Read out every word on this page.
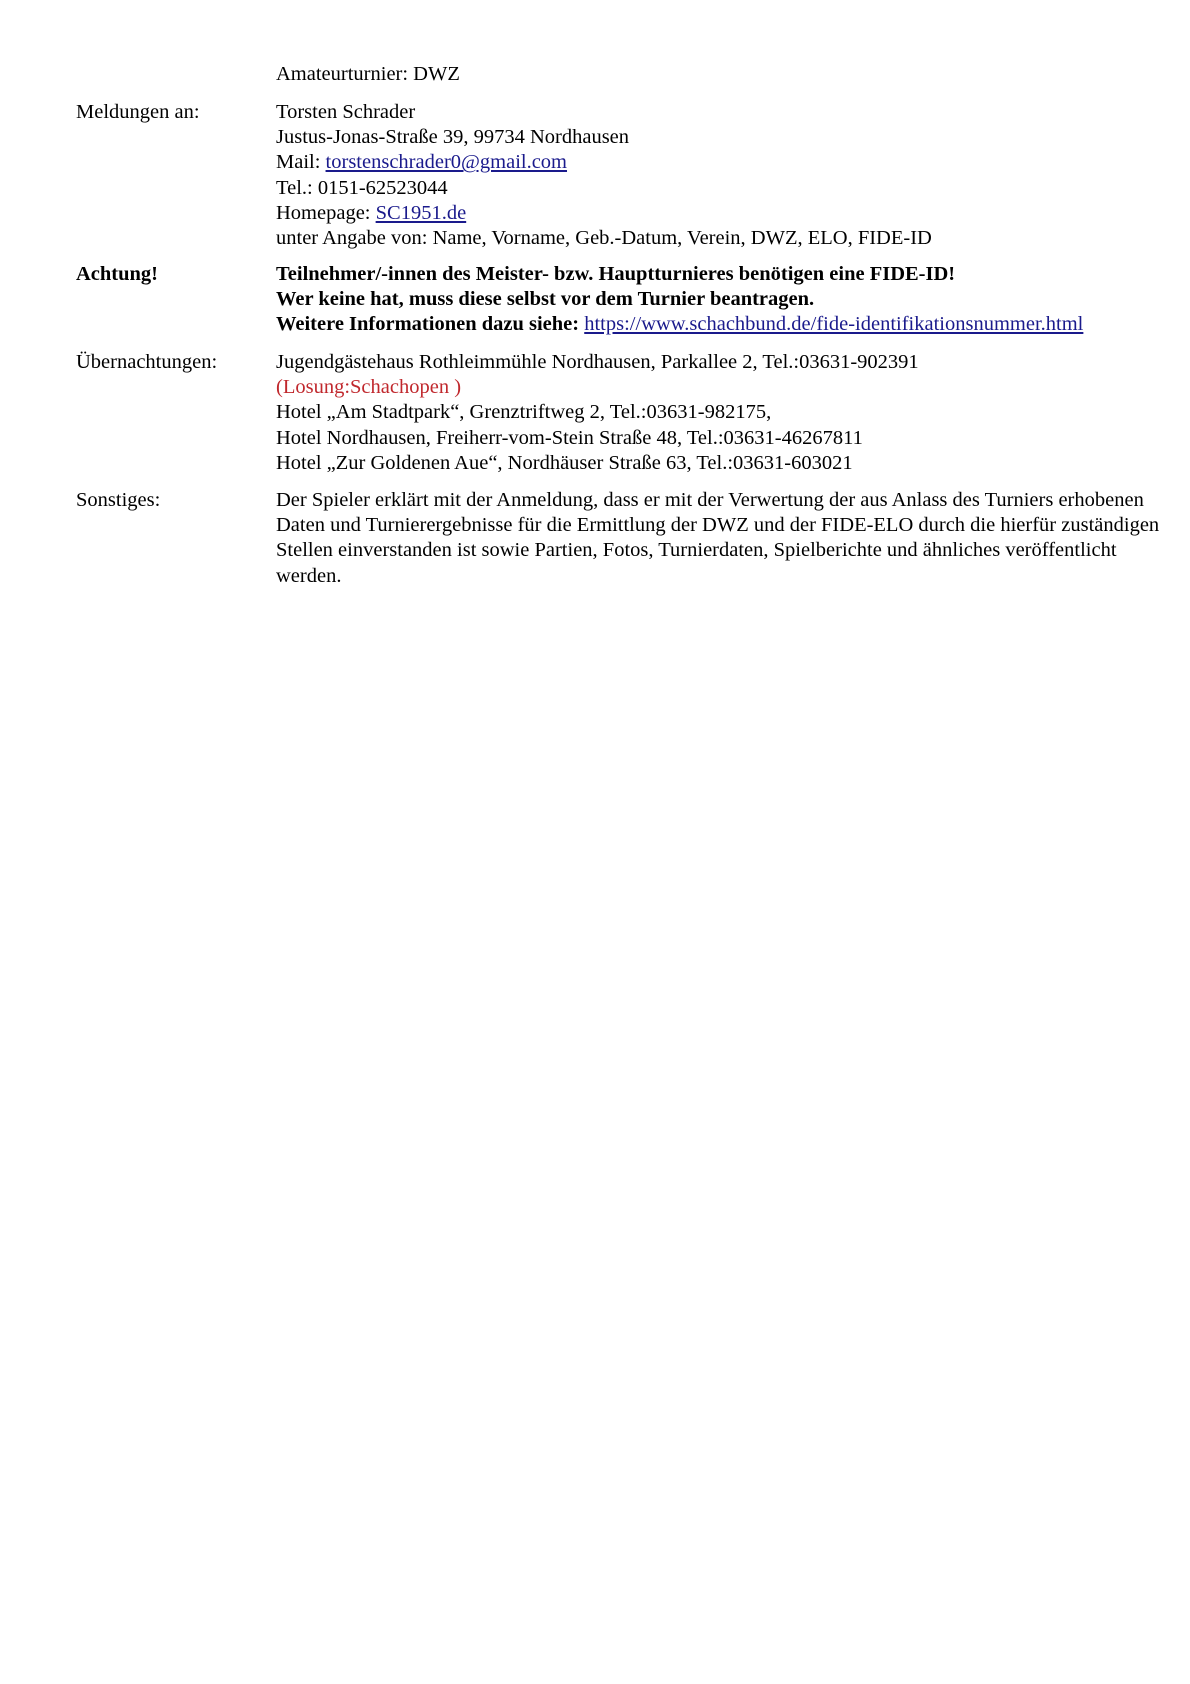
Amateurturnier: DWZ
Meldungen an:	Torsten Schrader
Justus-Jonas-Straße 39, 99734 Nordhausen
Mail: torstenschrader0@gmail.com
Tel.: 0151-62523044
Homepage: SC1951.de
unter Angabe von: Name, Vorname, Geb.-Datum, Verein, DWZ, ELO, FIDE-ID
Achtung!	Teilnehmer/-innen des Meister- bzw. Hauptturnieres benötigen eine FIDE-ID!
Wer keine hat, muss diese selbst vor dem Turnier beantragen.
Weitere Informationen dazu siehe: https://www.schachbund.de/fide-identifikationsnummer.html
Übernachtungen:	Jugendgästehaus Rothleimmühle Nordhausen, Parkallee 2, Tel.:03631-902391
(Losung:Schachopen )
Hotel „Am Stadtpark“, Grenztriftweg 2, Tel.:03631-982175,
Hotel Nordhausen, Freiherr-vom-Stein Straße 48, Tel.:03631-46267811
Hotel „Zur Goldenen Aue“, Nordhäuser Straße 63, Tel.:03631-603021
Sonstiges:	Der Spieler erklärt mit der Anmeldung, dass er mit der Verwertung der aus Anlass des Turniers erhobenen Daten und Turnierergebnisse für die Ermittlung der DWZ und der FIDE-ELO durch die hierfür zuständigen Stellen einverstanden ist sowie Partien, Fotos, Turnierdaten, Spielberichte und ähnliches veröffentlicht werden.
